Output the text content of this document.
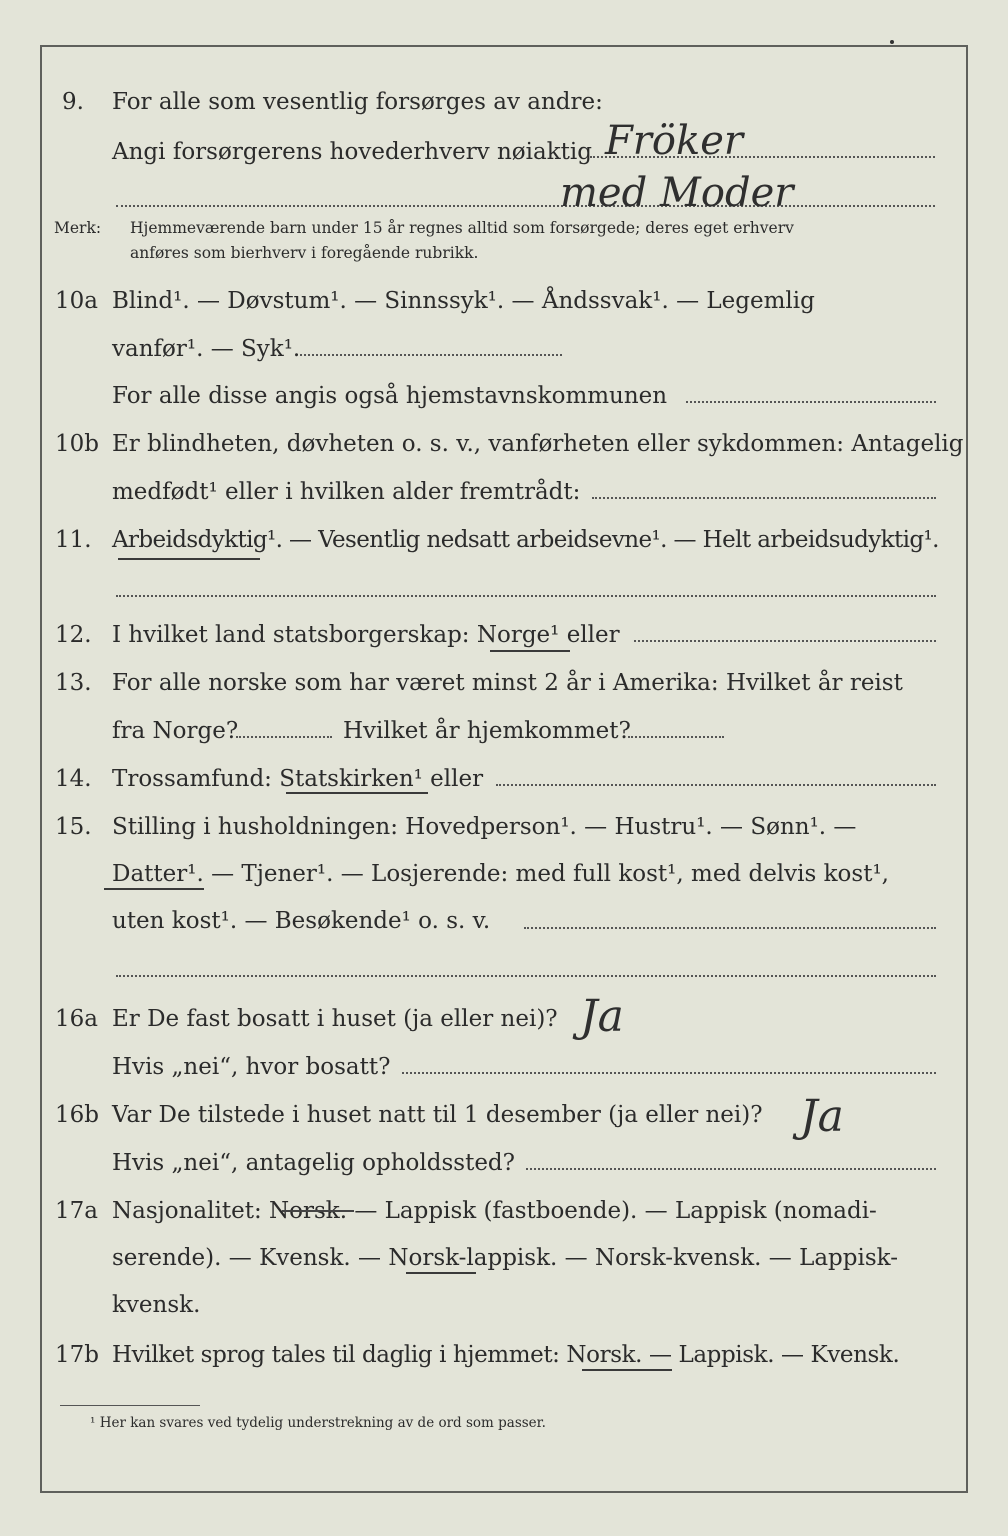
9. For alle som vesentlig forsørges av andre:
Angi forsørgerens hovederhverv nøiaktig Fröker
med Moder
Merk: Hjemmeværende barn under 15 år regnes alltid som forsørgede; deres eget erhverv
anføres som bierhverv i foregående rubrikk.
10a Blind¹. — Døvstum¹. — Sinnssyk¹. — Åndssvak¹. — Legemlig
vanfør¹. — Syk¹.
For alle disse angis også hjemstavnskommunen
10b Er blindheten, døvheten o. s. v., vanførheten eller sykdommen: Antagelig
medfødt¹ eller i hvilken alder fremtrådt:
11. Arbeidsdyktig¹. — Vesentlig nedsatt arbeidsevne¹. — Helt arbeidsudyktig¹.
12. I hvilket land statsborgerskap: Norge¹ eller
13. For alle norske som har været minst 2 år i Amerika: Hvilket år reist
fra Norge?	Hvilket år hjemkommet?
14. Trossamfund: Statskirken¹ eller
15. Stilling i husholdningen: Hovedperson¹. — Hustru¹. — Sønn¹. —
Datter¹. — Tjener¹. — Losjerende: med full kost¹, med delvis kost¹,
uten kost¹. — Besøkende¹ o. s. v.
16a Er De fast bosatt i huset (ja eller nei)? Ja
Hvis „nei“, hvor bosatt?
16b Var De tilstede i huset natt til 1 desember (ja eller nei)? Ja
Hvis „nei“, antagelig opholdssted?
17a Nasjonalitet: Norsk. — Lappisk (fastboende). — Lappisk (nomadi-
serende). — Kvensk. — Norsk-lappisk. — Norsk-kvensk. — Lappisk-
kvensk.
17b Hvilket sprog tales til daglig i hjemmet: Norsk. — Lappisk. — Kvensk.
¹ Her kan svares ved tydelig understrekning av de ord som passer.
